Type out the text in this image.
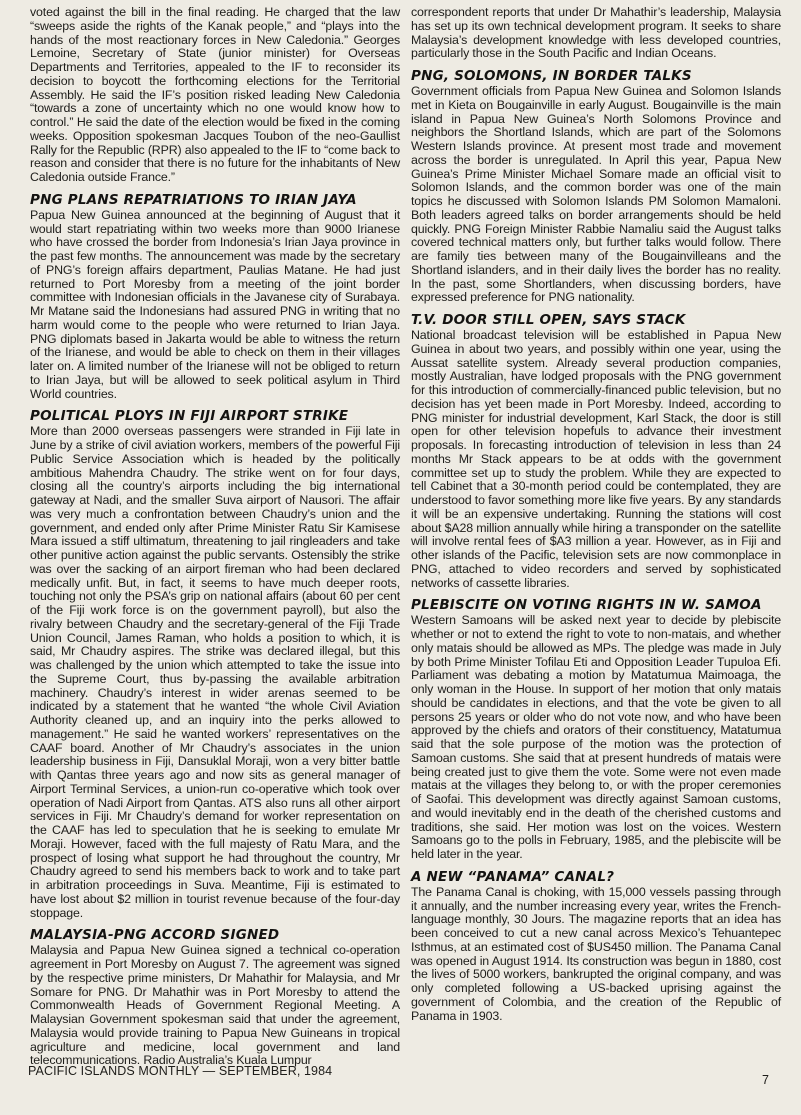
voted against the bill in the final reading. He charged that the law “sweeps aside the rights of the Kanak people,” and “plays into the hands of the most reactionary forces in New Caledonia.” Georges Lemoine, Secretary of State (junior minister) for Overseas Departments and Territories, appealed to the IF to reconsider its decision to boycott the forthcoming elections for the Territorial Assembly. He said the IF’s position risked leading New Caledonia “towards a zone of uncertainty which no one would know how to control.” He said the date of the election would be fixed in the coming weeks. Opposition spokesman Jacques Toubon of the neo-Gaullist Rally for the Republic (RPR) also appealed to the IF to “come back to reason and consider that there is no future for the inhabitants of New Caledonia outside France.”

PNG PLANS REPATRIATIONS TO IRIAN JAYA

Papua New Guinea announced at the beginning of August that it would start repatriating within two weeks more than 9000 Irianese who have crossed the border from Indonesia’s Irian Jaya province in the past few months. The announcement was made by the secretary of PNG’s foreign affairs department, Paulias Matane. He had just returned to Port Moresby from a meeting of the joint border committee with Indonesian officials in the Javanese city of Surabaya. Mr Matane said the Indonesians had assured PNG in writing that no harm would come to the people who were returned to Irian Jaya. PNG diplomats based in Jakarta would be able to witness the return of the Irianese, and would be able to check on them in their villages later on. A limited number of the Irianese will not be obliged to return to Irian Jaya, but will be allowed to seek political asylum in Third World countries.

POLITICAL PLOYS IN FIJI AIRPORT STRIKE

More than 2000 overseas passengers were stranded in Fiji late in June by a strike of civil aviation workers, members of the powerful Fiji Public Service Association which is headed by the politically ambitious Mahendra Chaudry. The strike went on for four days, closing all the country’s airports including the big international gateway at Nadi, and the smaller Suva airport of Nausori. The affair was very much a confrontation between Chaudry’s union and the government, and ended only after Prime Minister Ratu Sir Kamisese Mara issued a stiff ultimatum, threatening to jail ringleaders and take other punitive action against the public servants. Ostensibly the strike was over the sacking of an airport fireman who had been declared medically unfit. But, in fact, it seems to have much deeper roots, touching not only the PSA’s grip on national affairs (about 60 per cent of the Fiji work force is on the government payroll), but also the rivalry between Chaudry and the secretary-general of the Fiji Trade Union Council, James Raman, who holds a position to which, it is said, Mr Chaudry aspires. The strike was declared illegal, but this was challenged by the union which attempted to take the issue into the Supreme Court, thus by-passing the available arbitration machinery. Chaudry’s interest in wider arenas seemed to be indicated by a statement that he wanted “the whole Civil Aviation Authority cleaned up, and an inquiry into the perks allowed to management.” He said he wanted workers’ representatives on the CAAF board. Another of Mr Chaudry’s associates in the union leadership business in Fiji, Dansuklal Moraji, won a very bitter battle with Qantas three years ago and now sits as general manager of Airport Terminal Services, a union-run co-operative which took over operation of Nadi Airport from Qantas. ATS also runs all other airport services in Fiji. Mr Chaudry’s demand for worker representation on the CAAF has led to speculation that he is seeking to emulate Mr Moraji. However, faced with the full majesty of Ratu Mara, and the prospect of losing what support he had throughout the country, Mr Chaudry agreed to send his members back to work and to take part in arbitration proceedings in Suva. Meantime, Fiji is estimated to have lost about $2 million in tourist revenue because of the four-day stoppage.

MALAYSIA-PNG ACCORD SIGNED

Malaysia and Papua New Guinea signed a technical co-operation agreement in Port Moresby on August 7. The agreement was signed by the respective prime ministers, Dr Mahathir for Malaysia, and Mr Somare for PNG. Dr Mahathir was in Port Moresby to attend the Commonwealth Heads of Government Regional Meeting. A Malaysian Government spokesman said that under the agreement, Malaysia would provide training to Papua New Guineans in tropical agriculture and medicine, local government and land telecommunications. Radio Australia’s Kuala Lumpur

correspondent reports that under Dr Mahathir’s leadership, Malaysia has set up its own technical development program. It seeks to share Malaysia’s development knowledge with less developed countries, particularly those in the South Pacific and Indian Oceans.

PNG, SOLOMONS, IN BORDER TALKS

Government officials from Papua New Guinea and Solomon Islands met in Kieta on Bougainville in early August. Bougainville is the main island in Papua New Guinea’s North Solomons Province and neighbors the Shortland Islands, which are part of the Solomons Western Islands province. At present most trade and movement across the border is unregulated. In April this year, Papua New Guinea’s Prime Minister Michael Somare made an official visit to Solomon Islands, and the common border was one of the main topics he discussed with Solomon Islands PM Solomon Mamaloni. Both leaders agreed talks on border arrangements should be held quickly. PNG Foreign Minister Rabbie Namaliu said the August talks covered technical matters only, but further talks would follow. There are family ties between many of the Bougainvilleans and the Shortland islanders, and in their daily lives the border has no reality. In the past, some Shortlanders, when discussing borders, have expressed preference for PNG nationality.

T.V. DOOR STILL OPEN, SAYS STACK

National broadcast television will be established in Papua New Guinea in about two years, and possibly within one year, using the Aussat satellite system. Already several production companies, mostly Australian, have lodged proposals with the PNG government for this introduction of commercially-financed public television, but no decision has yet been made in Port Moresby. Indeed, according to PNG minister for industrial development, Karl Stack, the door is still open for other television hopefuls to advance their investment proposals. In forecasting introduction of television in less than 24 months Mr Stack appears to be at odds with the government committee set up to study the problem. While they are expected to tell Cabinet that a 30-month period could be contemplated, they are understood to favor something more like five years. By any standards it will be an expensive undertaking. Running the stations will cost about $A28 million annually while hiring a transponder on the satellite will involve rental fees of $A3 million a year. However, as in Fiji and other islands of the Pacific, television sets are now commonplace in PNG, attached to video recorders and served by sophisticated networks of cassette libraries.

PLEBISCITE ON VOTING RIGHTS IN W. SAMOA

Western Samoans will be asked next year to decide by plebiscite whether or not to extend the right to vote to non-matais, and whether only matais should be allowed as MPs. The pledge was made in July by both Prime Minister Tofilau Eti and Opposition Leader Tupuloa Efi. Parliament was debating a motion by Matatumua Maimoaga, the only woman in the House. In support of her motion that only matais should be candidates in elections, and that the vote be given to all persons 25 years or older who do not vote now, and who have been approved by the chiefs and orators of their constituency, Matatumua said that the sole purpose of the motion was the protection of Samoan customs. She said that at present hundreds of matais were being created just to give them the vote. Some were not even made matais at the villages they belong to, or with the proper ceremonies of Saofai. This development was directly against Samoan customs, and would inevitably end in the death of the cherished customs and traditions, she said. Her motion was lost on the voices. Western Samoans go to the polls in February, 1985, and the plebiscite will be held later in the year.

A NEW “PANAMA” CANAL?

The Panama Canal is choking, with 15,000 vessels passing through it annually, and the number increasing every year, writes the French-language monthly, 30 Jours. The magazine reports that an idea has been conceived to cut a new canal across Mexico’s Tehuantepec Isthmus, at an estimated cost of $US450 million. The Panama Canal was opened in August 1914. Its construction was begun in 1880, cost the lives of 5000 workers, bankrupted the original company, and was only completed following a US-backed uprising against the government of Colombia, and the creation of the Republic of Panama in 1903.

PACIFIC ISLANDS MONTHLY — SEPTEMBER, 1984
7
